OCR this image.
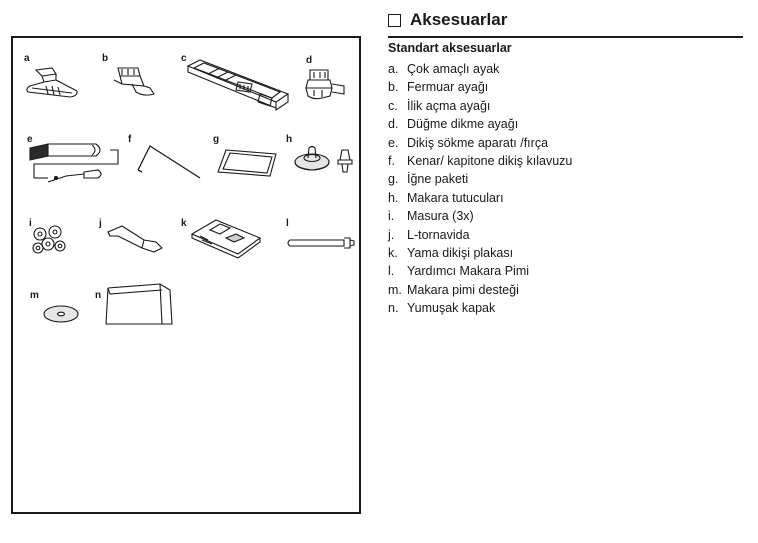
a	b	c	d
e	f	g	h
i	j	k	l
m	n
Aksesuarlar
Standart aksesuarlar
a. Çok amaçlı ayak
b. Fermuar ayağı
c. İlik açma ayağı
d. Düğme dikme ayağı
e. Dikiş sökme aparatı /fırça
f. Kenar/ kapitone dikiş kılavuzu
g. İğne paketi
h. Makara tutucuları
i. Masura (3x)
j. L-tornavida
k. Yama dikişi plakası
l. Yardımcı Makara Pimi
m. Makara pimi desteği
n. Yumuşak kapak
